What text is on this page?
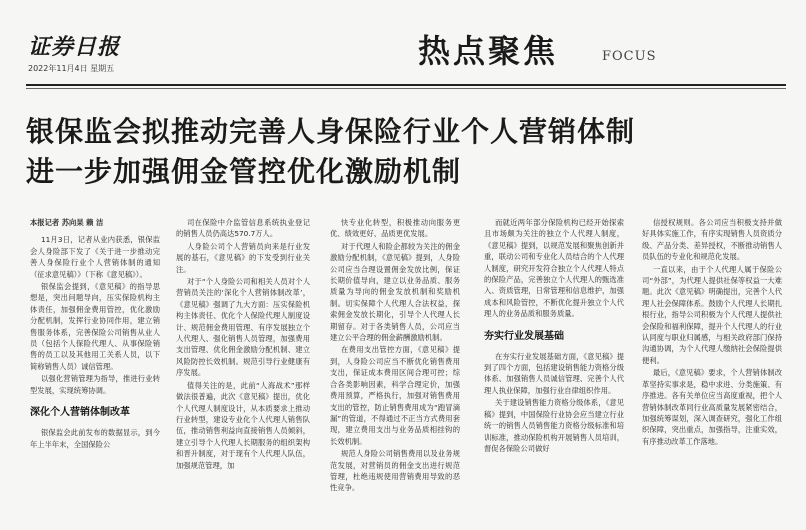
证券日报
2022年11月4日 星期五	热点聚焦	FOCUS
银保监会拟推动完善人身保险行业个人营销体制
进一步加强佣金管控优化激励机制

本报记者 苏向杲 赖 洁

11月3日，记者从业内获悉，银保监会人身险部下发了《关于进一步推动完善人身保险行业个人营销体制的通知（征求意见稿）》（下称《意见稿》）。

银保监会提到，《意见稿》的指导思想是，突出问题导向，压实保险机构主体责任，加强佣金费用管控，优化激励分配机制，发挥行业协同作用，建立销售服务体系，完善保险公司销售从业人员（包括个人保险代理人、从事保险销售的员工以及其他用工关系人员，以下简称销售人员）诚信管理。

以强化营销管理为指导，推进行业转型发展，实现统筹协调。

深化个人营销体制改革

银保监会此前发布的数据显示，到今年上半年末，全国保险公

司在保险中介监管信息系统执业登记的销售人员仍高达570.7万人。

人身险公司个人营销员向来是行业发展的基石，《意见稿》的下发受到行业关注。

对于“个人身险公司和相关人员对个人营销员关注的‘深化个人营销体制改革’，《意见稿》强调了九大方面：压实保险机构主体责任、优化个人保险代理人制度设计、规范佣金费用管理、有序发展独立个人代理人、强化销售人员管理，加强费用支出管理、优化佣金激励分配机制、建立风险防控长效机制。规范引导行业健康有序发展。

值得关注的是，此前“人海战术”那样做法很普遍，此次《意见稿》提出，优化个人代理人制度设计，从本质要求上推动行业转型，建设专业化个人代理人销售队伍，推动销售利益向直接销售人员倾斜，建立引导个人代理人长期服务的组织架构和晋升制度，对于现有个人代理人队伍，加强规范管理，加

快专业化转型，积极推动向服务更优、绩效更好、品质更优发展。

对于代理人和险企都较为关注的佣金激励分配机制，《意见稿》提到，人身险公司应当合理设置佣金发放比例，保证长期价值导向，建立以业务品质、服务质量为导向的佣金发放机制和奖励机制。切实保障个人代理人合法权益，探索佣金发放长期化，引导个人代理人长期留存。对于各类销售人员，公司应当建立公平合理的佣金薪酬激励机制。

在费用支出管控方面，《意见稿》提到，人身险公司应当不断优化销售费用支出，保证成本费用区间合理可控；综合各类影响因素，科学合理定价，加强费用预算，严格执行，加强对销售费用支出的管控，防止销售费用成为“跑冒滴漏”的管道，不得通过不正当方式费用套现，建立费用支出与业务品质相挂钩的长效机制。

规范人身险公司销售费用以及业务规范发展，对营销员的佣金支出进行规范管理，杜绝违规使用营销费用导致的恶性竞争。

而就近两年部分保险机构已经开始探索且市场颇为关注的独立个人代理人制度，《意见稿》提到，以规范发展和聚焦创新并重，联动公司和专业化人员结合的个人代理人制度，研究开发符合独立个人代理人特点的保险产品，完善独立个人代理人的甄选准入、资质管理，日常管理和信息维护，加强成本和风险管控，不断优化提升独立个人代理人的业务品质和服务质量。

夯实行业发展基础

在夯实行业发展基础方面，《意见稿》提到了四个方面，包括建设销售能力资格分级体系、加强销售人员诚信管理、完善个人代理人执业保障，加强行业自律组织作用。

关于建设销售能力资格分级体系，《意见稿》提到，中国保险行业协会应当建立行业统一的销售人员销售能力资格分级标准和培训标准，推动保险机构开展销售人员培训，督促各保险公司做好

信授权规则。各公司应当积极支持并做好具体实施工作，有序实现销售人员资质分级、产品分类、差异授权，不断推动销售人员队伍的专业化和规范化发展。

一直以来，由于个人代理人属于保险公司“外部”，为代理人提供社保等权益一大难题。此次《意见稿》明确提出，完善个人代理人社会保障体系。鼓励个人代理人长期扎根行业，指导公司积极为个人代理人提供社会保险和福利保障，提升个人代理人的行业认同度与职业归属感，与相关政府部门保持沟通协调，为个人代理人缴纳社会保险提供便利。

最后，《意见稿》要求，个人营销体制改革坚持实事求是，稳中求进、分类施策、有序推进。各有关单位应当高度重视，把个人营销体制改革同行业高质量发展紧密结合，加强统筹谋划，深入调查研究，强化工作组织保障，突出重点，加强指导，注重实效，有序推动改革工作落地。
